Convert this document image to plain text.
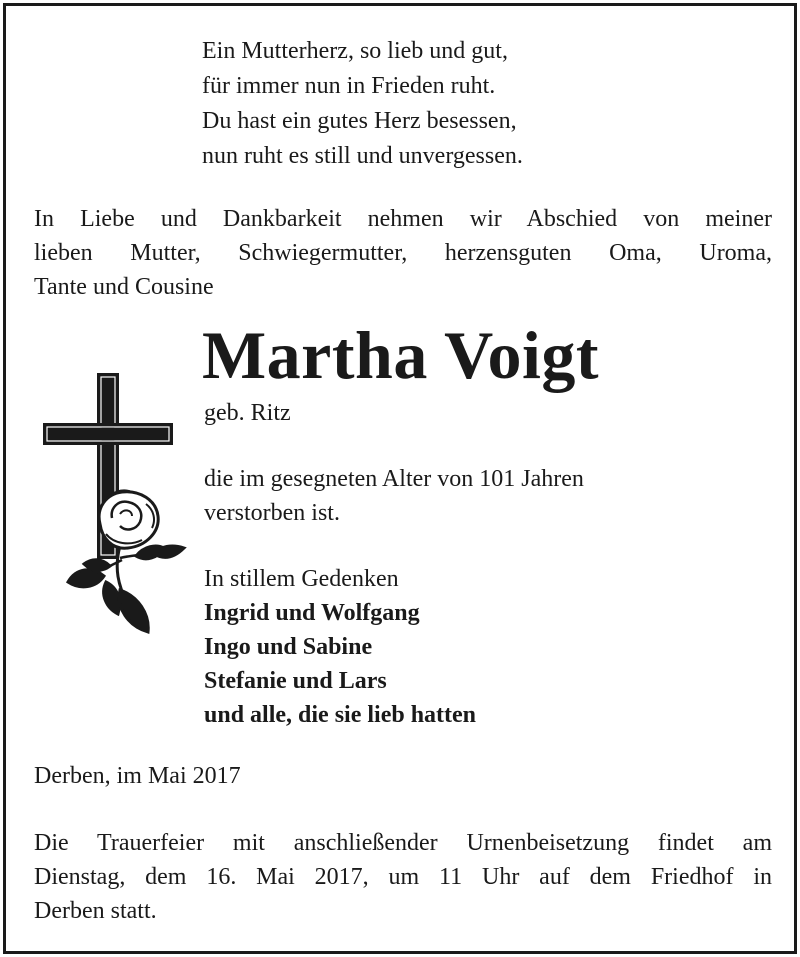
Ein Mutterherz, so lieb und gut,
für immer nun in Frieden ruht.
Du hast ein gutes Herz besessen,
nun ruht es still und unvergessen.
In Liebe und Dankbarkeit nehmen wir Abschied von meiner
lieben Mutter, Schwiegermutter, herzensguten Oma, Uroma,
Tante und Cousine
Martha Voigt
geb. Ritz
die im gesegneten Alter von 101 Jahren
verstorben ist.
In stillem Gedenken
Ingrid und Wolfgang
Ingo und Sabine
Stefanie und Lars
und alle, die sie lieb hatten
Derben, im Mai 2017
Die Trauerfeier mit anschließender Urnenbeisetzung findet am
Dienstag, dem 16. Mai 2017, um 11 Uhr auf dem Friedhof in
Derben statt.
